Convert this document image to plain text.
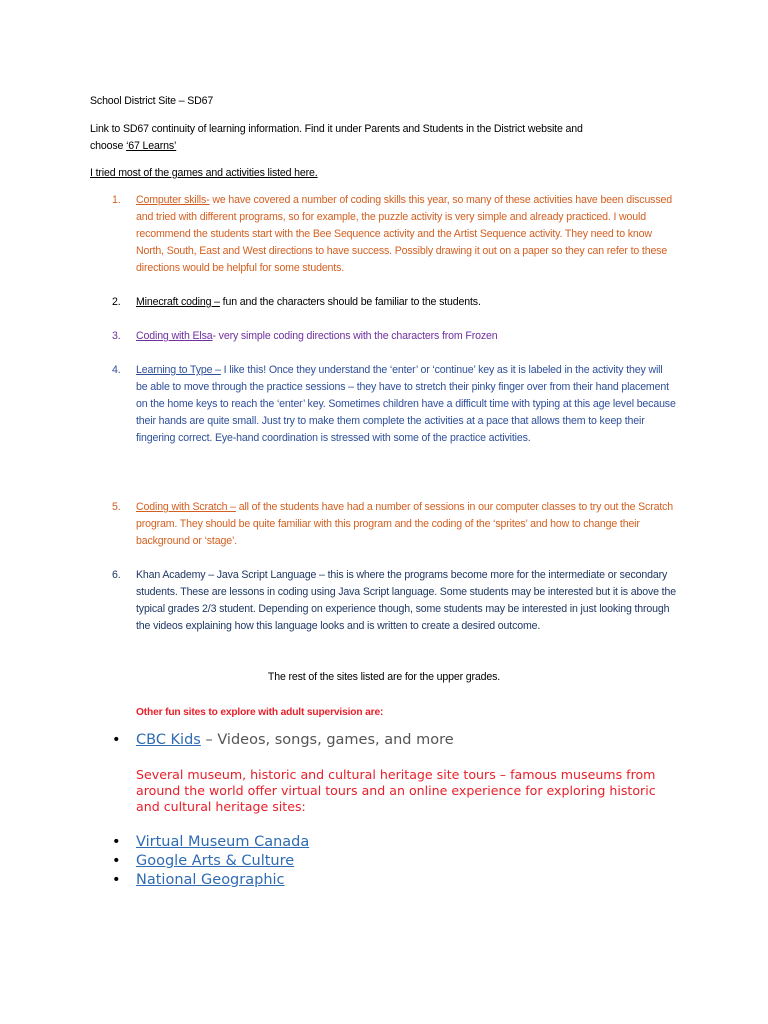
School District Site – SD67
Link to SD67 continuity of learning information. Find it under Parents and Students in the District website and
choose ‘67 Learns’
I tried most of the games and activities listed here.
1.	Computer skills- we have covered a number of coding skills this year, so many of these activities have been discussed and tried with different programs, so for example, the puzzle activity is very simple and already practiced. I would recommend the students start with the Bee Sequence activity and the Artist Sequence activity. They need to know North, South, East and West directions to have success. Possibly drawing it out on a paper so they can refer to these directions would be helpful for some students.
2.	Minecraft coding – fun and the characters should be familiar to the students.
3.	Coding with Elsa- very simple coding directions with the characters from Frozen
4.	Learning to Type – I like this! Once they understand the ‘enter’ or ‘continue’ key as it is labeled in the activity they will be able to move through the practice sessions – they have to stretch their pinky finger over from their hand placement on the home keys to reach the ‘enter’ key. Sometimes children have a difficult time with typing at this age level because their hands are quite small. Just try to make them complete the activities at a pace that allows them to keep their fingering correct. Eye-hand coordination is stressed with some of the practice activities.
5.	Coding with Scratch – all of the students have had a number of sessions in our computer classes to try out the Scratch program. They should be quite familiar with this program and the coding of the ‘sprites’ and how to change their background or ‘stage’.
6.	Khan Academy – Java Script Language – this is where the programs become more for the intermediate or secondary students. These are lessons in coding using Java Script language. Some students may be interested but it is above the typical grades 2/3 student. Depending on experience though, some students may be interested in just looking through the videos explaining how this language looks and is written to create a desired outcome.
The rest of the sites listed are for the upper grades.
Other fun sites to explore with adult supervision are:
• CBC Kids – Videos, songs, games, and more
Several museum, historic and cultural heritage site tours – famous museums from around the world offer virtual tours and an online experience for exploring historic and cultural heritage sites:
• Virtual Museum Canada
• Google Arts & Culture
• National Geographic
